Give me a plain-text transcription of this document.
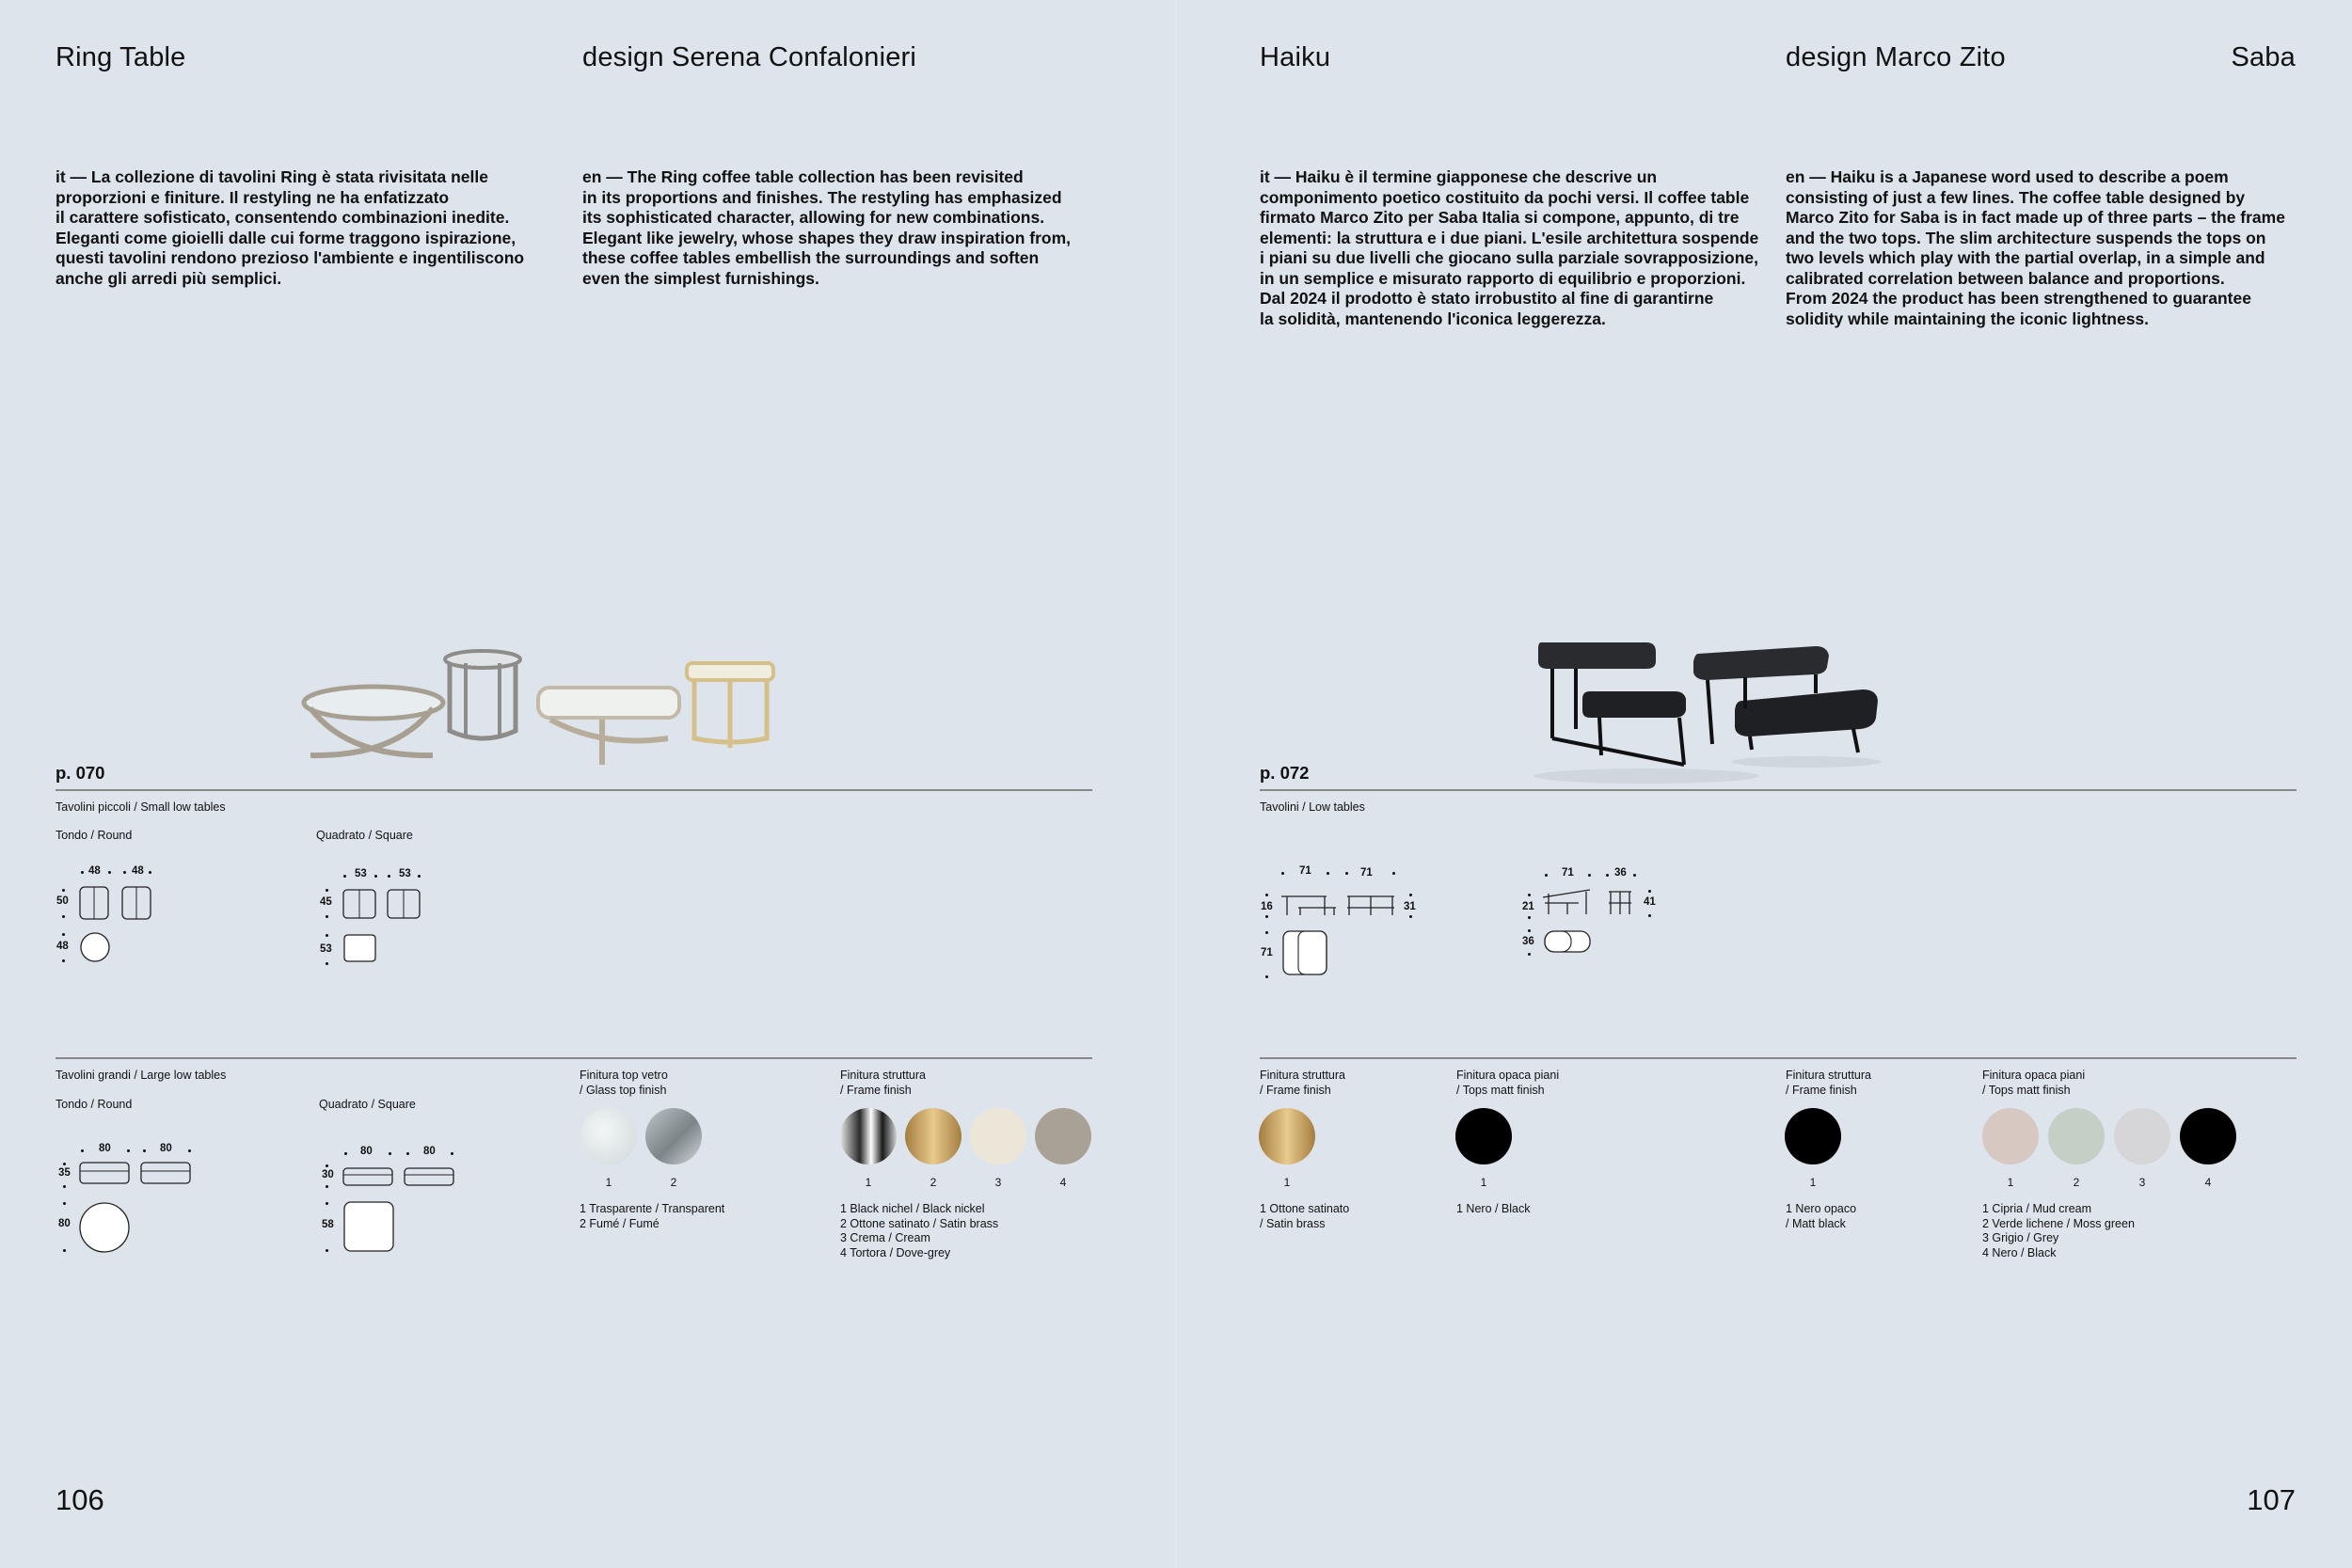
Ring Table	design Serena Confalonieri
it — La collezione di tavolini Ring è stata rivisitata nelle
proporzioni e finiture. Il restyling ne ha enfatizzato
il carattere sofisticato, consentendo combinazioni inedite.
Eleganti come gioielli dalle cui forme traggono ispirazione,
questi tavolini rendono prezioso l'ambiente e ingentiliscono
anche gli arredi più semplici.
en — The Ring coffee table collection has been revisited
in its proportions and finishes. The restyling has emphasized
its sophisticated character, allowing for new combinations.
Elegant like jewelry, whose shapes they draw inspiration from,
these coffee tables embellish the surroundings and soften
even the simplest furnishings.
p. 070
Tavolini piccoli / Small low tables
Tondo / Round	Quadrato / Square
48	48
50
48
53	53
45
53
Tavolini grandi / Large low tables
Tondo / Round	Quadrato / Square
80	80
35
80
80	80
30
58
Finitura top vetro
/ Glass top finish
1	2
1 Trasparente / Transparent
2 Fumé / Fumé
Finitura struttura
/ Frame finish
1	2	3	4
1 Black nichel / Black nickel
2 Ottone satinato / Satin brass
3 Crema / Cream
4 Tortora / Dove-grey
106
Haiku	design Marco Zito	Saba
it — Haiku è il termine giapponese che descrive un
componimento poetico costituito da pochi versi. Il coffee table
firmato Marco Zito per Saba Italia si compone, appunto, di tre
elementi: la struttura e i due piani. L'esile architettura sospende
i piani su due livelli che giocano sulla parziale sovrapposizione,
in un semplice e misurato rapporto di equilibrio e proporzioni.
Dal 2024 il prodotto è stato irrobustito al fine di garantirne
la solidità, mantenendo l'iconica leggerezza.
en — Haiku is a Japanese word used to describe a poem
consisting of just a few lines. The coffee table designed by
Marco Zito for Saba is in fact made up of three parts – the frame
and the two tops. The slim architecture suspends the tops on
two levels which play with the partial overlap, in a simple and
calibrated correlation between balance and proportions.
From 2024 the product has been strengthened to guarantee
solidity while maintaining the iconic lightness.
p. 072
Tavolini / Low tables
71	71
16	31
71
71	36
21	41
36
Finitura struttura
/ Frame finish
1
1 Ottone satinato
/ Satin brass
Finitura opaca piani
/ Tops matt finish
1
1 Nero / Black
Finitura struttura
/ Frame finish
1
1 Nero opaco
/ Matt black
Finitura opaca piani
/ Tops matt finish
1	2	3	4
1 Cipria / Mud cream
2 Verde lichene / Moss green
3 Grigio / Grey
4 Nero / Black
107
